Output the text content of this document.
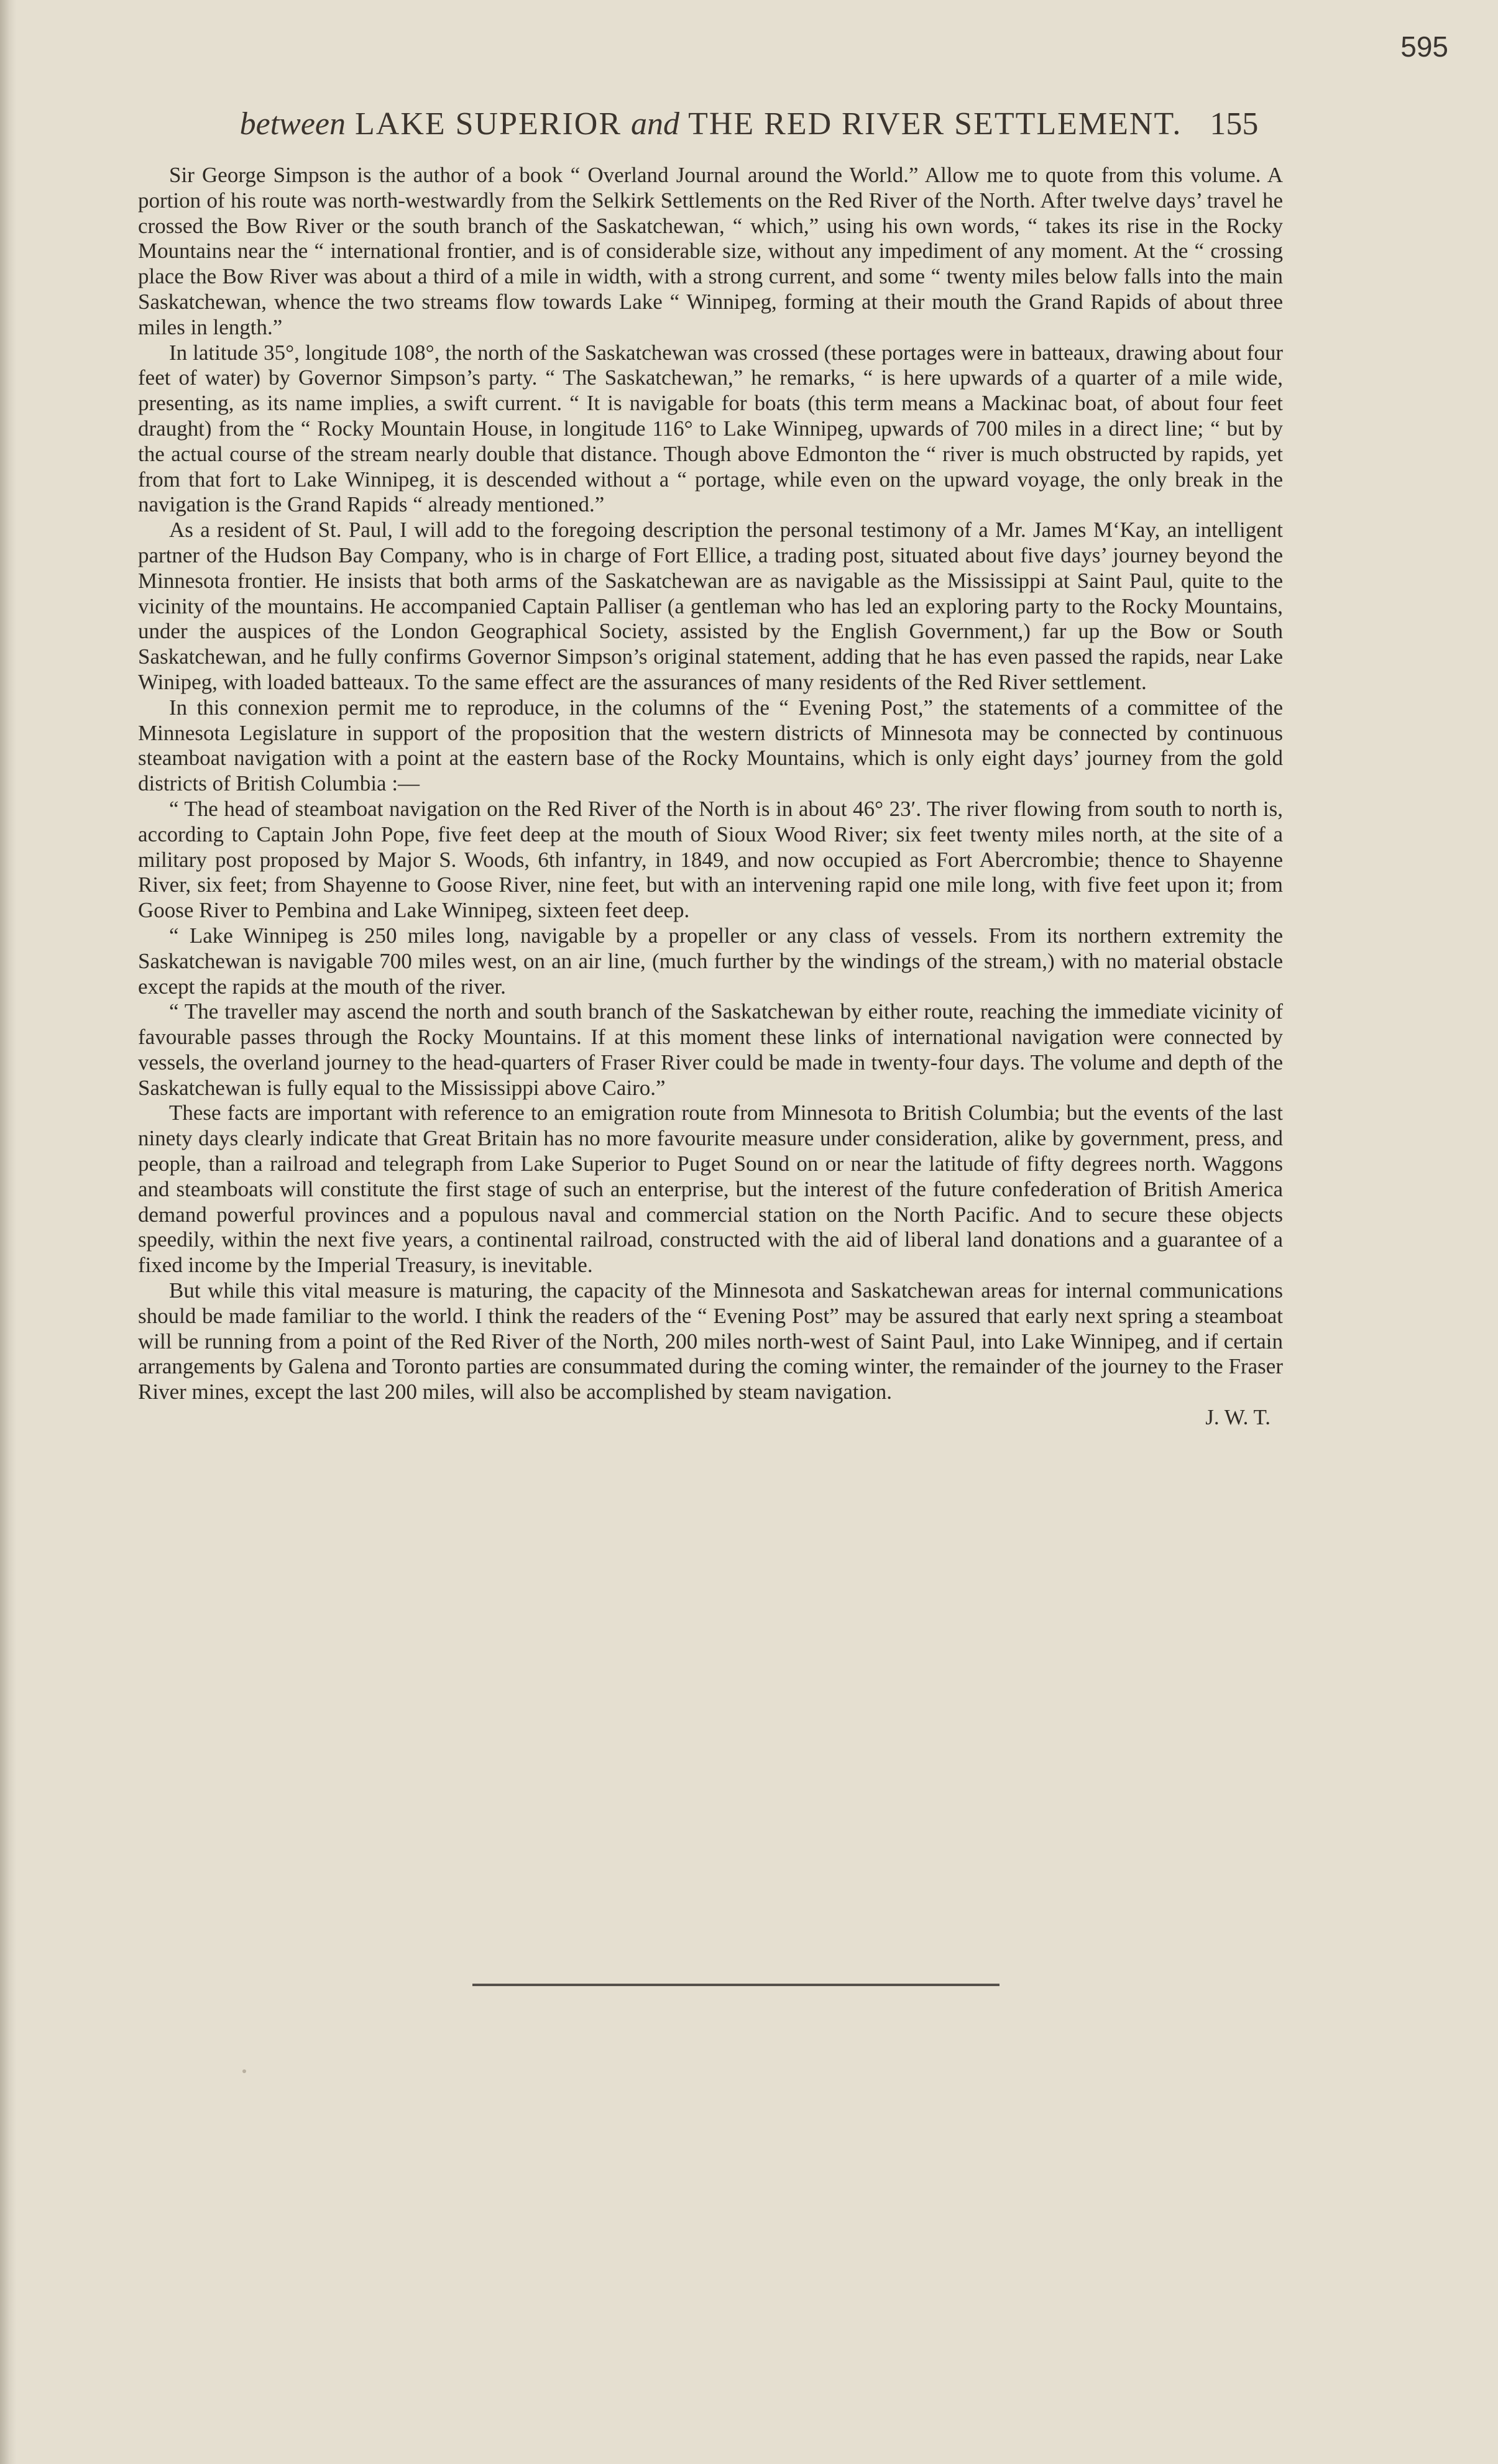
595
between LAKE SUPERIOR and THE RED RIVER SETTLEMENT. 155

Sir George Simpson is the author of a book “ Overland Journal around the World.” Allow me to quote from this volume. A portion of his route was north-westwardly from the Selkirk Settlements on the Red River of the North. After twelve days’ travel he crossed the Bow River or the south branch of the Saskatchewan, “ which,” using his own words, “ takes its rise in the Rocky Mountains near the “ international frontier, and is of considerable size, without any impediment of any moment. At the “ crossing place the Bow River was about a third of a mile in width, with a strong current, and some “ twenty miles below falls into the main Saskatchewan, whence the two streams flow towards Lake “ Winnipeg, forming at their mouth the Grand Rapids of about three miles in length.”

In latitude 35°, longitude 108°, the north of the Saskatchewan was crossed (these portages were in batteaux, drawing about four feet of water) by Governor Simpson’s party. “ The Saskatchewan,” he remarks, “ is here upwards of a quarter of a mile wide, presenting, as its name implies, a swift current. “ It is navigable for boats (this term means a Mackinac boat, of about four feet draught) from the “ Rocky Mountain House, in longitude 116° to Lake Winnipeg, upwards of 700 miles in a direct line; “ but by the actual course of the stream nearly double that distance. Though above Edmonton the “ river is much obstructed by rapids, yet from that fort to Lake Winnipeg, it is descended without a “ portage, while even on the upward voyage, the only break in the navigation is the Grand Rapids “ already mentioned.”

As a resident of St. Paul, I will add to the foregoing description the personal testimony of a Mr. James M‘Kay, an intelligent partner of the Hudson Bay Company, who is in charge of Fort Ellice, a trading post, situated about five days’ journey beyond the Minnesota frontier. He insists that both arms of the Saskatchewan are as navigable as the Mississippi at Saint Paul, quite to the vicinity of the mountains. He accompanied Captain Palliser (a gentleman who has led an exploring party to the Rocky Mountains, under the auspices of the London Geographical Society, assisted by the English Government,) far up the Bow or South Saskatchewan, and he fully confirms Governor Simpson’s original statement, adding that he has even passed the rapids, near Lake Winipeg, with loaded batteaux. To the same effect are the assurances of many residents of the Red River settlement.

In this connexion permit me to reproduce, in the columns of the “ Evening Post,” the statements of a committee of the Minnesota Legislature in support of the proposition that the western districts of Minnesota may be connected by continuous steamboat navigation with a point at the eastern base of the Rocky Mountains, which is only eight days’ journey from the gold districts of British Columbia :—

“ The head of steamboat navigation on the Red River of the North is in about 46° 23′. The river flowing from south to north is, according to Captain John Pope, five feet deep at the mouth of Sioux Wood River; six feet twenty miles north, at the site of a military post proposed by Major S. Woods, 6th infantry, in 1849, and now occupied as Fort Abercrombie; thence to Shayenne River, six feet; from Shayenne to Goose River, nine feet, but with an intervening rapid one mile long, with five feet upon it; from Goose River to Pembina and Lake Winnipeg, sixteen feet deep.

“ Lake Winnipeg is 250 miles long, navigable by a propeller or any class of vessels. From its northern extremity the Saskatchewan is navigable 700 miles west, on an air line, (much further by the windings of the stream,) with no material obstacle except the rapids at the mouth of the river.

“ The traveller may ascend the north and south branch of the Saskatchewan by either route, reaching the immediate vicinity of favourable passes through the Rocky Mountains. If at this moment these links of international navigation were connected by vessels, the overland journey to the head-quarters of Fraser River could be made in twenty-four days. The volume and depth of the Saskatchewan is fully equal to the Mississippi above Cairo.”

These facts are important with reference to an emigration route from Minnesota to British Columbia; but the events of the last ninety days clearly indicate that Great Britain has no more favourite measure under consideration, alike by government, press, and people, than a railroad and telegraph from Lake Superior to Puget Sound on or near the latitude of fifty degrees north. Waggons and steamboats will constitute the first stage of such an enterprise, but the interest of the future confederation of British America demand powerful provinces and a populous naval and commercial station on the North Pacific. And to secure these objects speedily, within the next five years, a continental railroad, constructed with the aid of liberal land donations and a guarantee of a fixed income by the Imperial Treasury, is inevitable.

But while this vital measure is maturing, the capacity of the Minnesota and Saskatchewan areas for internal communications should be made familiar to the world. I think the readers of the “ Evening Post” may be assured that early next spring a steamboat will be running from a point of the Red River of the North, 200 miles north-west of Saint Paul, into Lake Winnipeg, and if certain arrangements by Galena and Toronto parties are consummated during the coming winter, the remainder of the journey to the Fraser River mines, except the last 200 miles, will also be accomplished by steam navigation.

J. W. T.
